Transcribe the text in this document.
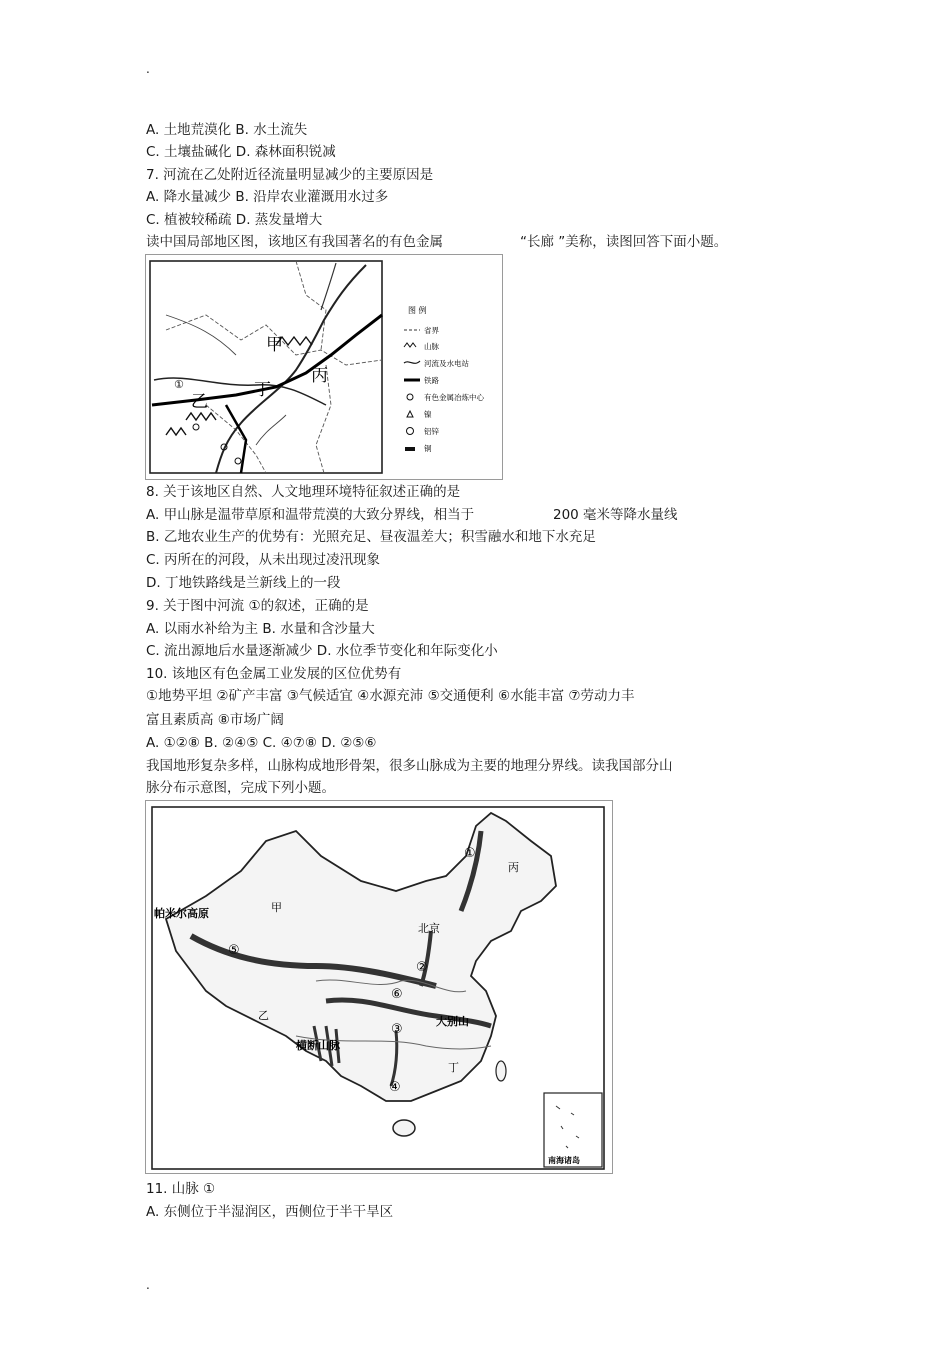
.
A. 土地荒漠化 B. 水土流失
C. 土壤盐碱化 D. 森林面积锐减
7. 河流在乙处附近径流量明显减少的主要原因是
A. 降水量减少 B. 沿岸农业灌溉用水过多
C. 植被较稀疏 D. 蒸发量增大
读中国局部地区图，该地区有我国著名的有色金属	“长廊 ”美称，读图回答下面小题。
甲
乙
丙
丁
①
图 例
省界
山脉
河流及水电站
铁路
有色金属冶炼中心
镍
铝锌
铜
8. 关于该地区自然、人文地理环境特征叙述正确的是
A. 甲山脉是温带草原和温带荒漠的大致分界线，相当于	200 毫米等降水量线
B. 乙地农业生产的优势有：光照充足、昼夜温差大；积雪融水和地下水充足
C. 丙所在的河段，从未出现过凌汛现象
D. 丁地铁路线是兰新线上的一段
9. 关于图中河流 ①的叙述，正确的是
A. 以雨水补给为主 B. 水量和含沙量大
C. 流出源地后水量逐渐减少 D. 水位季节变化和年际变化小
10. 该地区有色金属工业发展的区位优势有
①地势平坦 ②矿产丰富 ③气候适宜 ④水源充沛 ⑤交通便利 ⑥水能丰富 ⑦劳动力丰
富且素质高 ⑧市场广阔
A. ①②⑧ B. ②④⑤ C. ④⑦⑧ D. ②⑤⑥
我国地形复杂多样，山脉构成地形骨架，很多山脉成为主要的地理分界线。读我国部分山
脉分布示意图，完成下列小题。
南海诸岛
帕米尔高原	甲
乙
丙
丁
北京
大别山
横断山脉
①
②
③
④
⑤
⑥
11. 山脉 ①
A. 东侧位于半湿润区，西侧位于半干旱区
.
